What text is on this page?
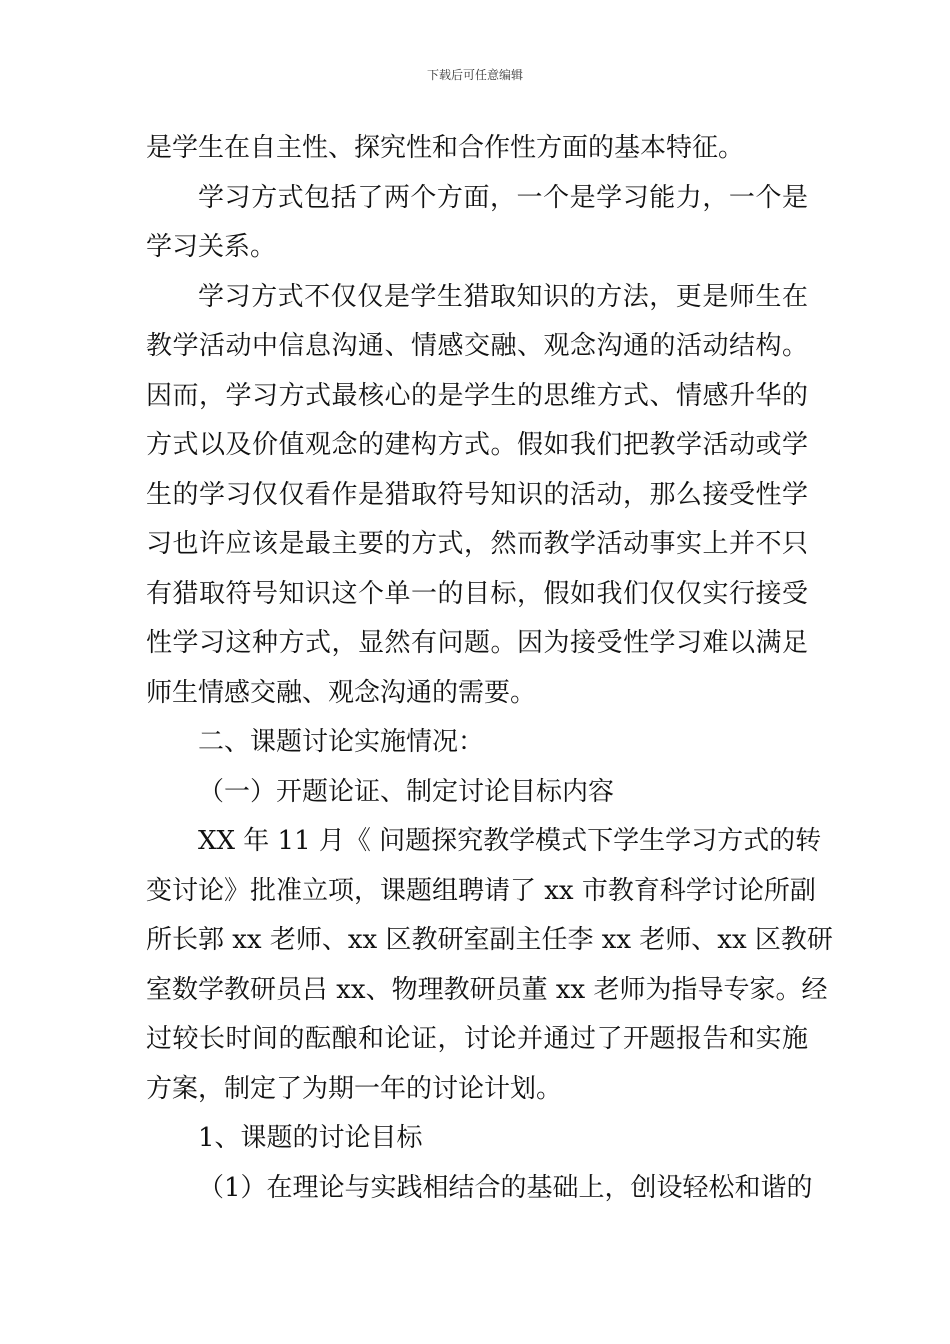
下载后可任意编辑
是学生在自主性、探究性和合作性方面的基本特征。
学习方式包括了两个方面，一个是学习能力，一个是
学习关系。
学习方式不仅仅是学生猎取知识的方法，更是师生在
教学活动中信息沟通、情感交融、观念沟通的活动结构。
因而，学习方式最核心的是学生的思维方式、情感升华的
方式以及价值观念的建构方式。假如我们把教学活动或学
生的学习仅仅看作是猎取符号知识的活动，那么接受性学
习也许应该是最主要的方式，然而教学活动事实上并不只
有猎取符号知识这个单一的目标，假如我们仅仅实行接受
性学习这种方式，显然有问题。因为接受性学习难以满足
师生情感交融、观念沟通的需要。
二、课题讨论实施情况：
（一）开题论证、制定讨论目标内容
XX 年 11 月《 问题探究教学模式下学生学习方式的转
变讨论》批准立项，课题组聘请了 xx 市教育科学讨论所副
所长郭 xx 老师、xx 区教研室副主任李 xx 老师、xx 区教研
室数学教研员吕 xx、物理教研员董 xx 老师为指导专家。经
过较长时间的酝酿和论证，讨论并通过了开题报告和实施
方案，制定了为期一年的讨论计划。
1、课题的讨论目标
（1）在理论与实践相结合的基础上，创设轻松和谐的
